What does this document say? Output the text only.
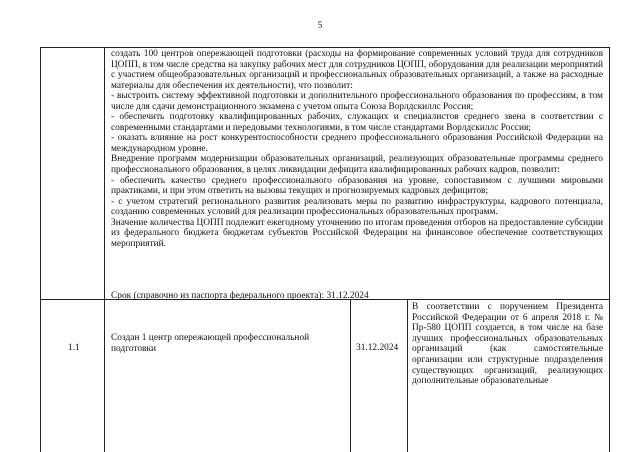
5

создать 100 центров опережающей подготовки (расходы на формирование современных условий труда для сотрудников ЦОПП, в том числе средства на закупку рабочих мест для сотрудников ЦОПП, оборудования для реализации мероприятий с участием общеобразовательных организаций и профессиональных образовательных организаций, а также на расходные материалы для обеспечения их деятельности), что позволит:

- выстроить систему эффективной подготовки и дополнительного профессионального образования по профессиям, в том числе для сдачи демонстрационного экзамена с учетом опыта Союза Ворлдскиллс Россия;

- обеспечить подготовку квалифицированных рабочих, служащих и специалистов среднего звена в соответствии с современными стандартами и передовыми технологиями, в том числе стандартами Ворлдскиллс Россия;

- оказать влияние на рост конкурентоспособности среднего профессионального образования Российской Федерации на международном уровне.

Внедрение программ модернизации образовательных организаций, реализующих образовательные программы среднего профессионального образования, в целях ликвидации дефицита квалифицированных рабочих кадров, позволит:

- обеспечить качество среднего профессионального образования на уровне, сопоставимом с лучшими мировыми практиками, и при этом ответить на вызовы текущих и прогнозируемых кадровых дефицитов;

- с учетом стратегий регионального развития реализовать меры по развитию инфраструктуры, кадрового потенциала, созданию современных условий для реализации профессиональных образовательных программ.

Значение количества ЦОПП подлежит ежегодному уточнению по итогам проведения отборов на предоставление субсидии из федерального бюджета бюджетам субъектов Российской Федерации на финансовое обеспечение соответствующих мероприятий.

Срок (справочно из паспорта федерального проекта): 31.12.2024
1.1
Создан 1 центр опережающей профессиональной подготовки	31.12.2024
В соответствии с поручением Президента Российской Федерации от 6 апреля 2018 г. № Пр-580 ЦОПП создается, в том числе на базе лучших профессиональных образовательных организаций (как самостоятельные организации или структурные подразделения существующих организаций, реализующих дополнительные образовательные
